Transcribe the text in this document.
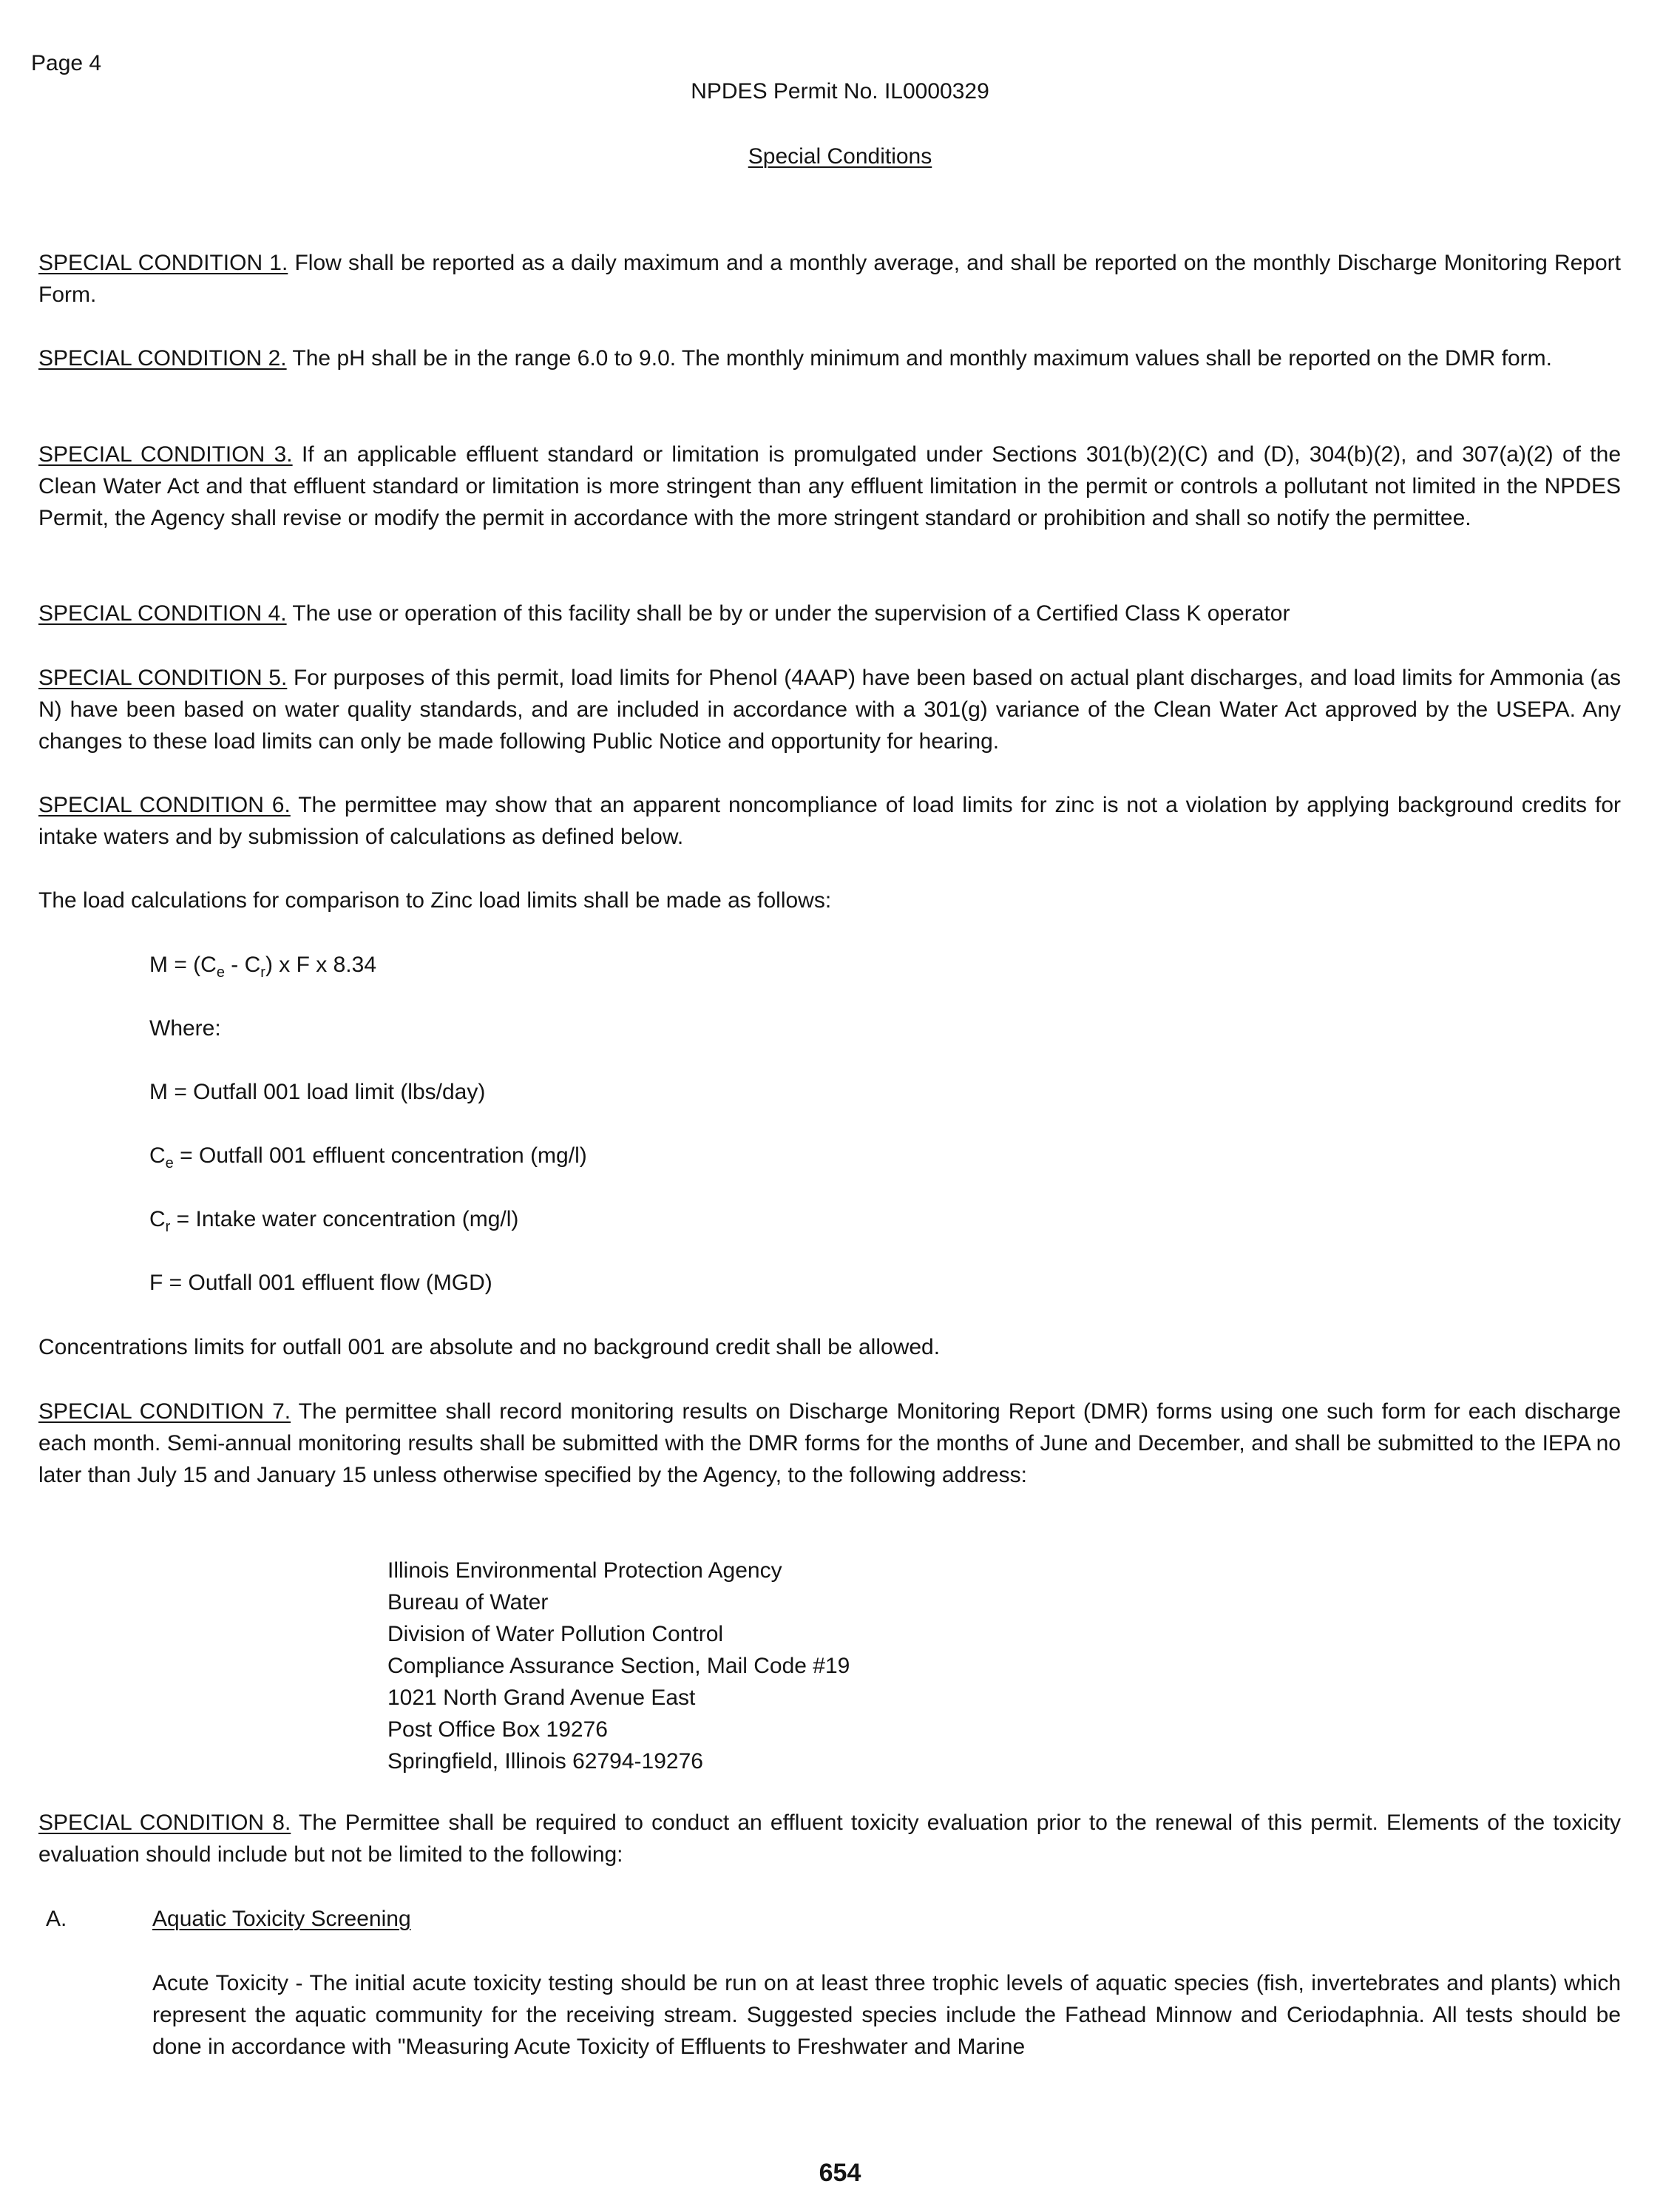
Page 4
NPDES Permit No. IL0000329
Special Conditions

SPECIAL CONDITION 1. Flow shall be reported as a daily maximum and a monthly average, and shall be reported on the monthly Discharge Monitoring Report Form.

SPECIAL CONDITION 2. The pH shall be in the range 6.0 to 9.0. The monthly minimum and monthly maximum values shall be reported on the DMR form.

SPECIAL CONDITION 3. If an applicable effluent standard or limitation is promulgated under Sections 301(b)(2)(C) and (D), 304(b)(2), and 307(a)(2) of the Clean Water Act and that effluent standard or limitation is more stringent than any effluent limitation in the permit or controls a pollutant not limited in the NPDES Permit, the Agency shall revise or modify the permit in accordance with the more stringent standard or prohibition and shall so notify the permittee.

SPECIAL CONDITION 4. The use or operation of this facility shall be by or under the supervision of a Certified Class K operator

SPECIAL CONDITION 5. For purposes of this permit, load limits for Phenol (4AAP) have been based on actual plant discharges, and load limits for Ammonia (as N) have been based on water quality standards, and are included in accordance with a 301(g) variance of the Clean Water Act approved by the USEPA. Any changes to these load limits can only be made following Public Notice and opportunity for hearing.

SPECIAL CONDITION 6. The permittee may show that an apparent noncompliance of load limits for zinc is not a violation by applying background credits for intake waters and by submission of calculations as defined below.

The load calculations for comparison to Zinc load limits shall be made as follows:

$M = (C_e - C_r)$ x F x 8.34

Where:

M = Outfall 001 load limit (lbs/day)

$C_e$ = Outfall 001 effluent concentration (mg/l)

$C_r$ = Intake water concentration (mg/l)

F = Outfall 001 effluent flow (MGD)

Concentrations limits for outfall 001 are absolute and no background credit shall be allowed.

SPECIAL CONDITION 7. The permittee shall record monitoring results on Discharge Monitoring Report (DMR) forms using one such form for each discharge each month. Semi-annual monitoring results shall be submitted with the DMR forms for the months of June and December, and shall be submitted to the IEPA no later than July 15 and January 15 unless otherwise specified by the Agency, to the following address:

Illinois Environmental Protection Agency
Bureau of Water
Division of Water Pollution Control
Compliance Assurance Section, Mail Code #19
1021 North Grand Avenue East
Post Office Box 19276
Springfield, Illinois 62794-19276

SPECIAL CONDITION 8. The Permittee shall be required to conduct an effluent toxicity evaluation prior to the renewal of this permit. Elements of the toxicity evaluation should include but not be limited to the following:

A.	Aquatic Toxicity Screening

Acute Toxicity - The initial acute toxicity testing should be run on at least three trophic levels of aquatic species (fish, invertebrates and plants) which represent the aquatic community for the receiving stream. Suggested species include the Fathead Minnow and Ceriodaphnia. All tests should be done in accordance with "Measuring Acute Toxicity of Effluents to Freshwater and Marine

654
